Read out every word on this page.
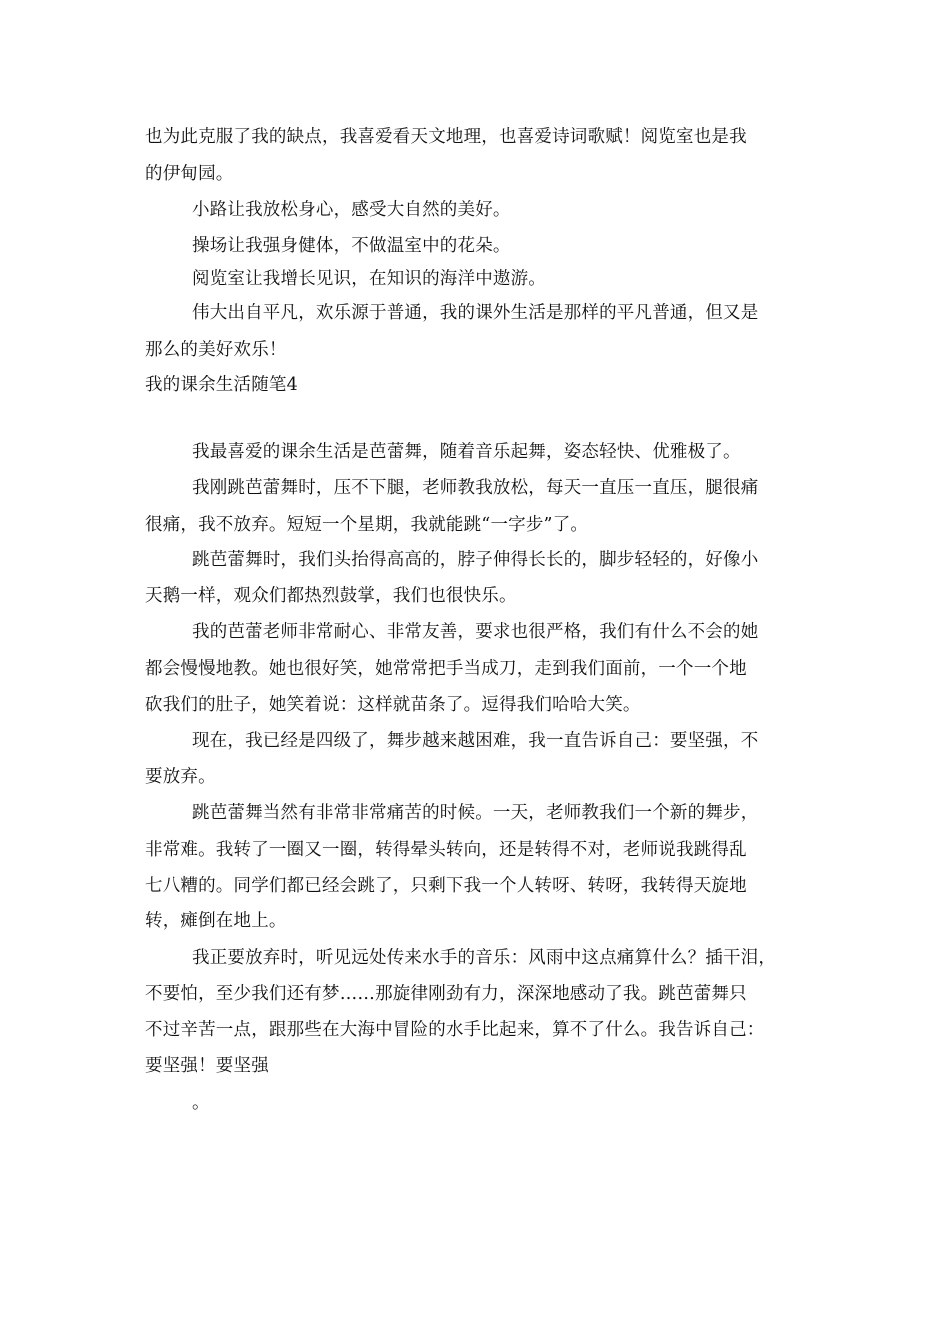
也为此克服了我的缺点，我喜爱看天文地理，也喜爱诗词歌赋！阅览室也是我
的伊甸园。
小路让我放松身心，感受大自然的美好。
操场让我强身健体，不做温室中的花朵。
阅览室让我增长见识，在知识的海洋中遨游。
伟大出自平凡，欢乐源于普通，我的课外生活是那样的平凡普通，但又是
那么的美好欢乐！
我的课余生活随笔4
我最喜爱的课余生活是芭蕾舞，随着音乐起舞，姿态轻快、优雅极了。
我刚跳芭蕾舞时，压不下腿，老师教我放松，每天一直压一直压，腿很痛
很痛，我不放弃。短短一个星期，我就能跳“一字步”了。
跳芭蕾舞时，我们头抬得高高的，脖子伸得长长的，脚步轻轻的，好像小
天鹅一样，观众们都热烈鼓掌，我们也很快乐。
我的芭蕾老师非常耐心、非常友善，要求也很严格，我们有什么不会的她
都会慢慢地教。她也很好笑，她常常把手当成刀，走到我们面前，一个一个地
砍我们的肚子，她笑着说：这样就苗条了。逗得我们哈哈大笑。
现在，我已经是四级了，舞步越来越困难，我一直告诉自己：要坚强，不
要放弃。
跳芭蕾舞当然有非常非常痛苦的时候。一天，老师教我们一个新的舞步，
非常难。我转了一圈又一圈，转得晕头转向，还是转得不对，老师说我跳得乱
七八糟的。同学们都已经会跳了，只剩下我一个人转呀、转呀，我转得天旋地
转，瘫倒在地上。
我正要放弃时，听见远处传来水手的音乐：风雨中这点痛算什么？插干泪，
不要怕，至少我们还有梦……那旋律刚劲有力，深深地感动了我。跳芭蕾舞只
不过辛苦一点，跟那些在大海中冒险的水手比起来，算不了什么。我告诉自己：
要坚强！要坚强
。
